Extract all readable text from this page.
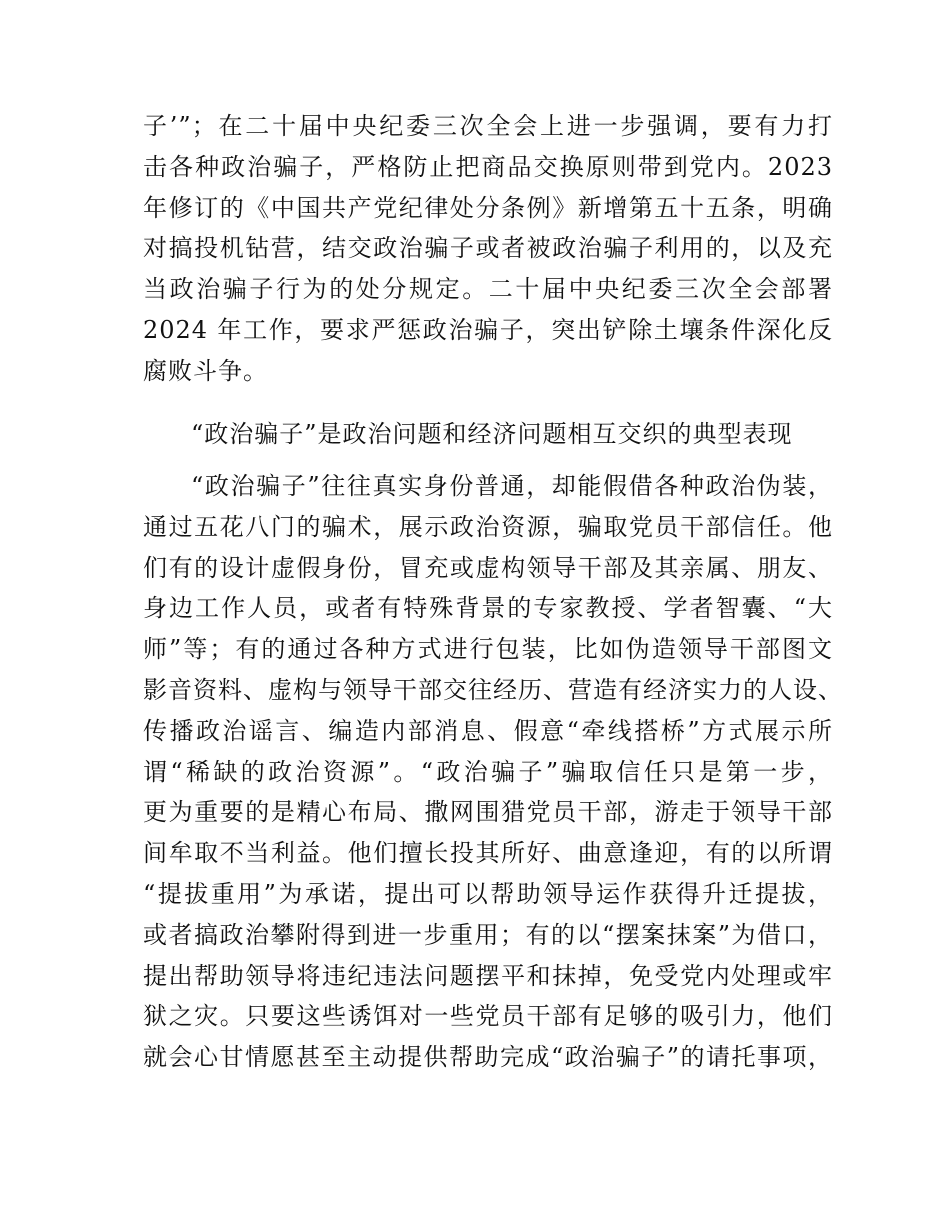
子’”；在二十届中央纪委三次全会上进一步强调，要有力打
击各种政治骗子，严格防止把商品交换原则带到党内。2023
年修订的《中国共产党纪律处分条例》新增第五十五条，明确
对搞投机钻营，结交政治骗子或者被政治骗子利用的，以及充
当政治骗子行为的处分规定。二十届中央纪委三次全会部署
2024 年工作，要求严惩政治骗子，突出铲除土壤条件深化反
腐败斗争。
“政治骗子”是政治问题和经济问题相互交织的典型表现
“政治骗子”往往真实身份普通，却能假借各种政治伪装，
通过五花八门的骗术，展示政治资源，骗取党员干部信任。他
们有的设计虚假身份，冒充或虚构领导干部及其亲属、朋友、
身边工作人员，或者有特殊背景的专家教授、学者智囊、“大
师”等；有的通过各种方式进行包装，比如伪造领导干部图文
影音资料、虚构与领导干部交往经历、营造有经济实力的人设、
传播政治谣言、编造内部消息、假意“牵线搭桥”方式展示所
谓“稀缺的政治资源”。“政治骗子”骗取信任只是第一步，
更为重要的是精心布局、撒网围猎党员干部，游走于领导干部
间牟取不当利益。他们擅长投其所好、曲意逢迎，有的以所谓
“提拔重用”为承诺，提出可以帮助领导运作获得升迁提拔，
或者搞政治攀附得到进一步重用；有的以“摆案抹案”为借口，
提出帮助领导将违纪违法问题摆平和抹掉，免受党内处理或牢
狱之灾。只要这些诱饵对一些党员干部有足够的吸引力，他们
就会心甘情愿甚至主动提供帮助完成“政治骗子”的请托事项，
